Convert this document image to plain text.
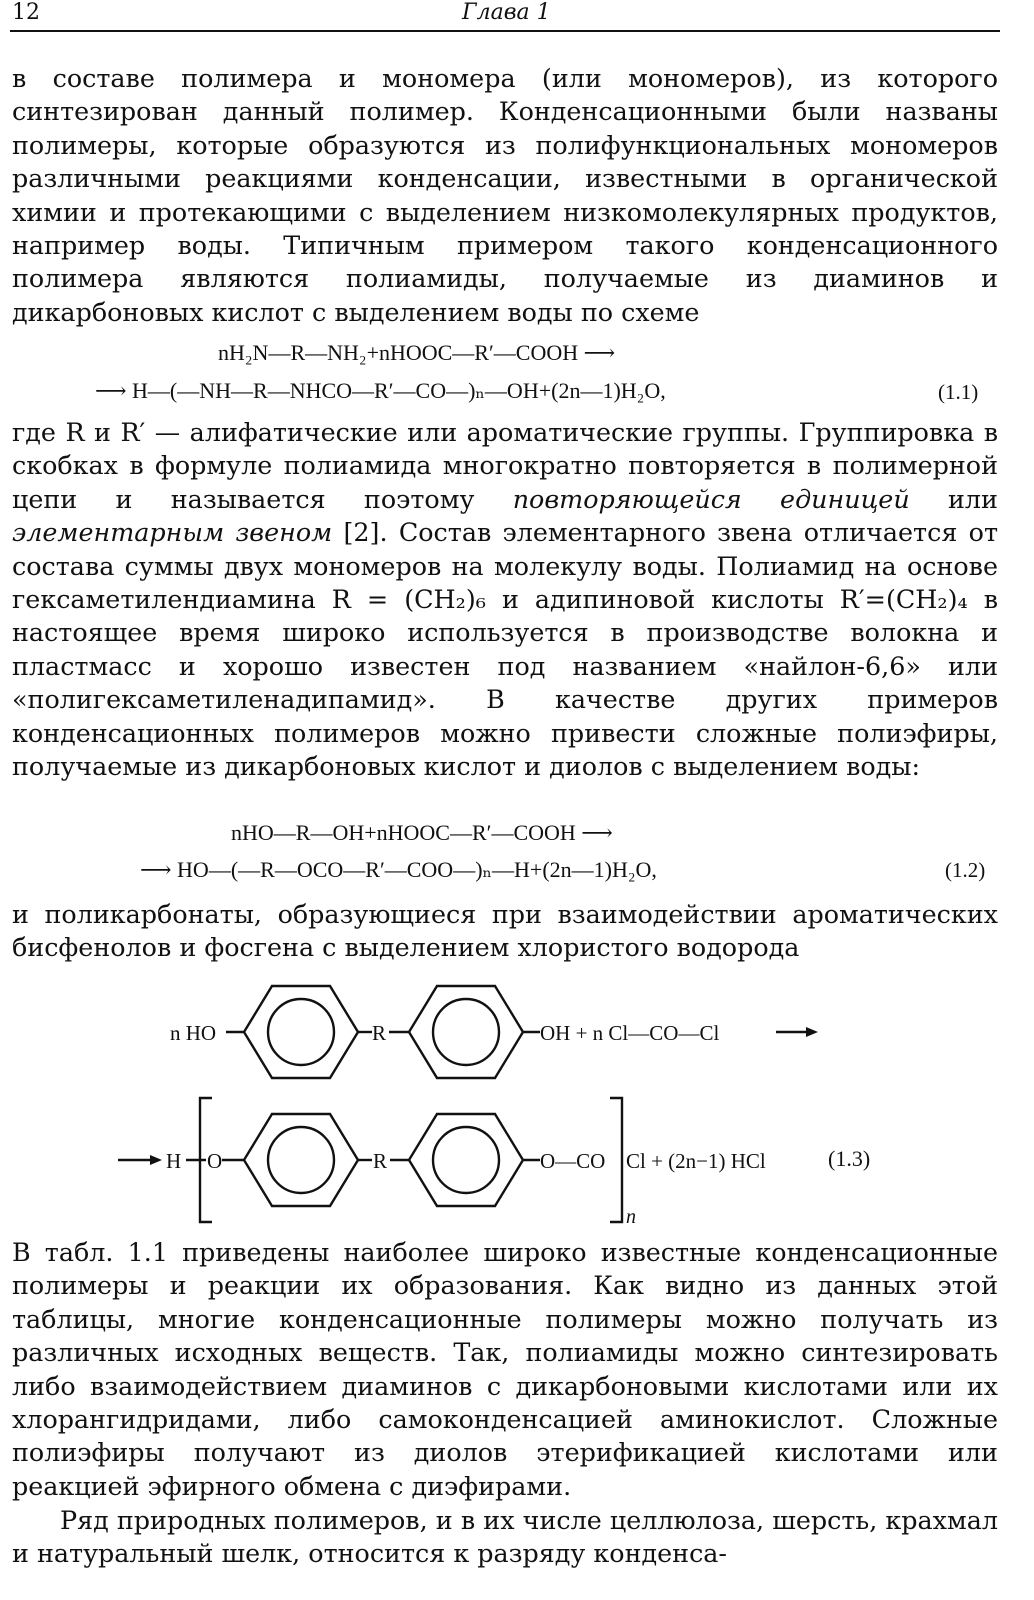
12	Глава 1

в составе полимера и мономера (или мономеров), из которого синтезирован данный полимер. Конденсационными были названы полимеры, которые образуются из полифункциональных мономеров различными реакциями конденсации, известными в органической химии и протекающими с выделением низкомолекулярных продуктов, например воды. Типичным примером такого конденсационного полимера являются полиамиды, получаемые из диаминов и дикарбоновых кислот с выделением воды по схеме

nH₂N—R—NH₂+nHOOC—R′—COOH ⟶
⟶ H—(—NH—R—NHCO—R′—CO—)ₙ—OH+(2n—1)H₂O,	(1.1)

где R и R′ — алифатические или ароматические группы. Группировка в скобках в формуле полиамида многократно повторяется в полимерной цепи и называется поэтому повторяющейся единицей или элементарным звеном [2]. Состав элементарного звена отличается от состава суммы двух мономеров на молекулу воды. Полиамид на основе гексаметилендиамина R = (CH₂)₆ и адипиновой кислоты R′=(CH₂)₄ в настоящее время широко используется в производстве волокна и пластмасс и хорошо известен под названием «найлон-6,6» или «полигексаметиленадипамид». В качестве других примеров конденсационных полимеров можно привести сложные полиэфиры, получаемые из дикарбоновых кислот и диолов с выделением воды:

nHO—R—OH+nHOOC—R′—COOH ⟶
⟶ HO—(—R—OCO—R′—COO—)ₙ—H+(2n—1)H₂O,	(1.2)

и поликарбонаты, образующиеся при взаимодействии ароматических бисфенолов и фосгена с выделением хлористого водорода

n HO	R	OH + n Cl—CO—Cl
H O	R	O—CO Cl + (2n−1) HCl	(1.3)
n

В табл. 1.1 приведены наиболее широко известные конденсационные полимеры и реакции их образования. Как видно из данных этой таблицы, многие конденсационные полимеры можно получать из различных исходных веществ. Так, полиамиды можно синтезировать либо взаимодействием диаминов с дикарбоновыми кислотами или их хлорангидридами, либо самоконденсацией аминокислот. Сложные полиэфиры получают из диолов этерификацией кислотами или реакцией эфирного обмена с диэфирами.

Ряд природных полимеров, и в их числе целлюлоза, шерсть, крахмал и натуральный шелк, относится к разряду конденса-
